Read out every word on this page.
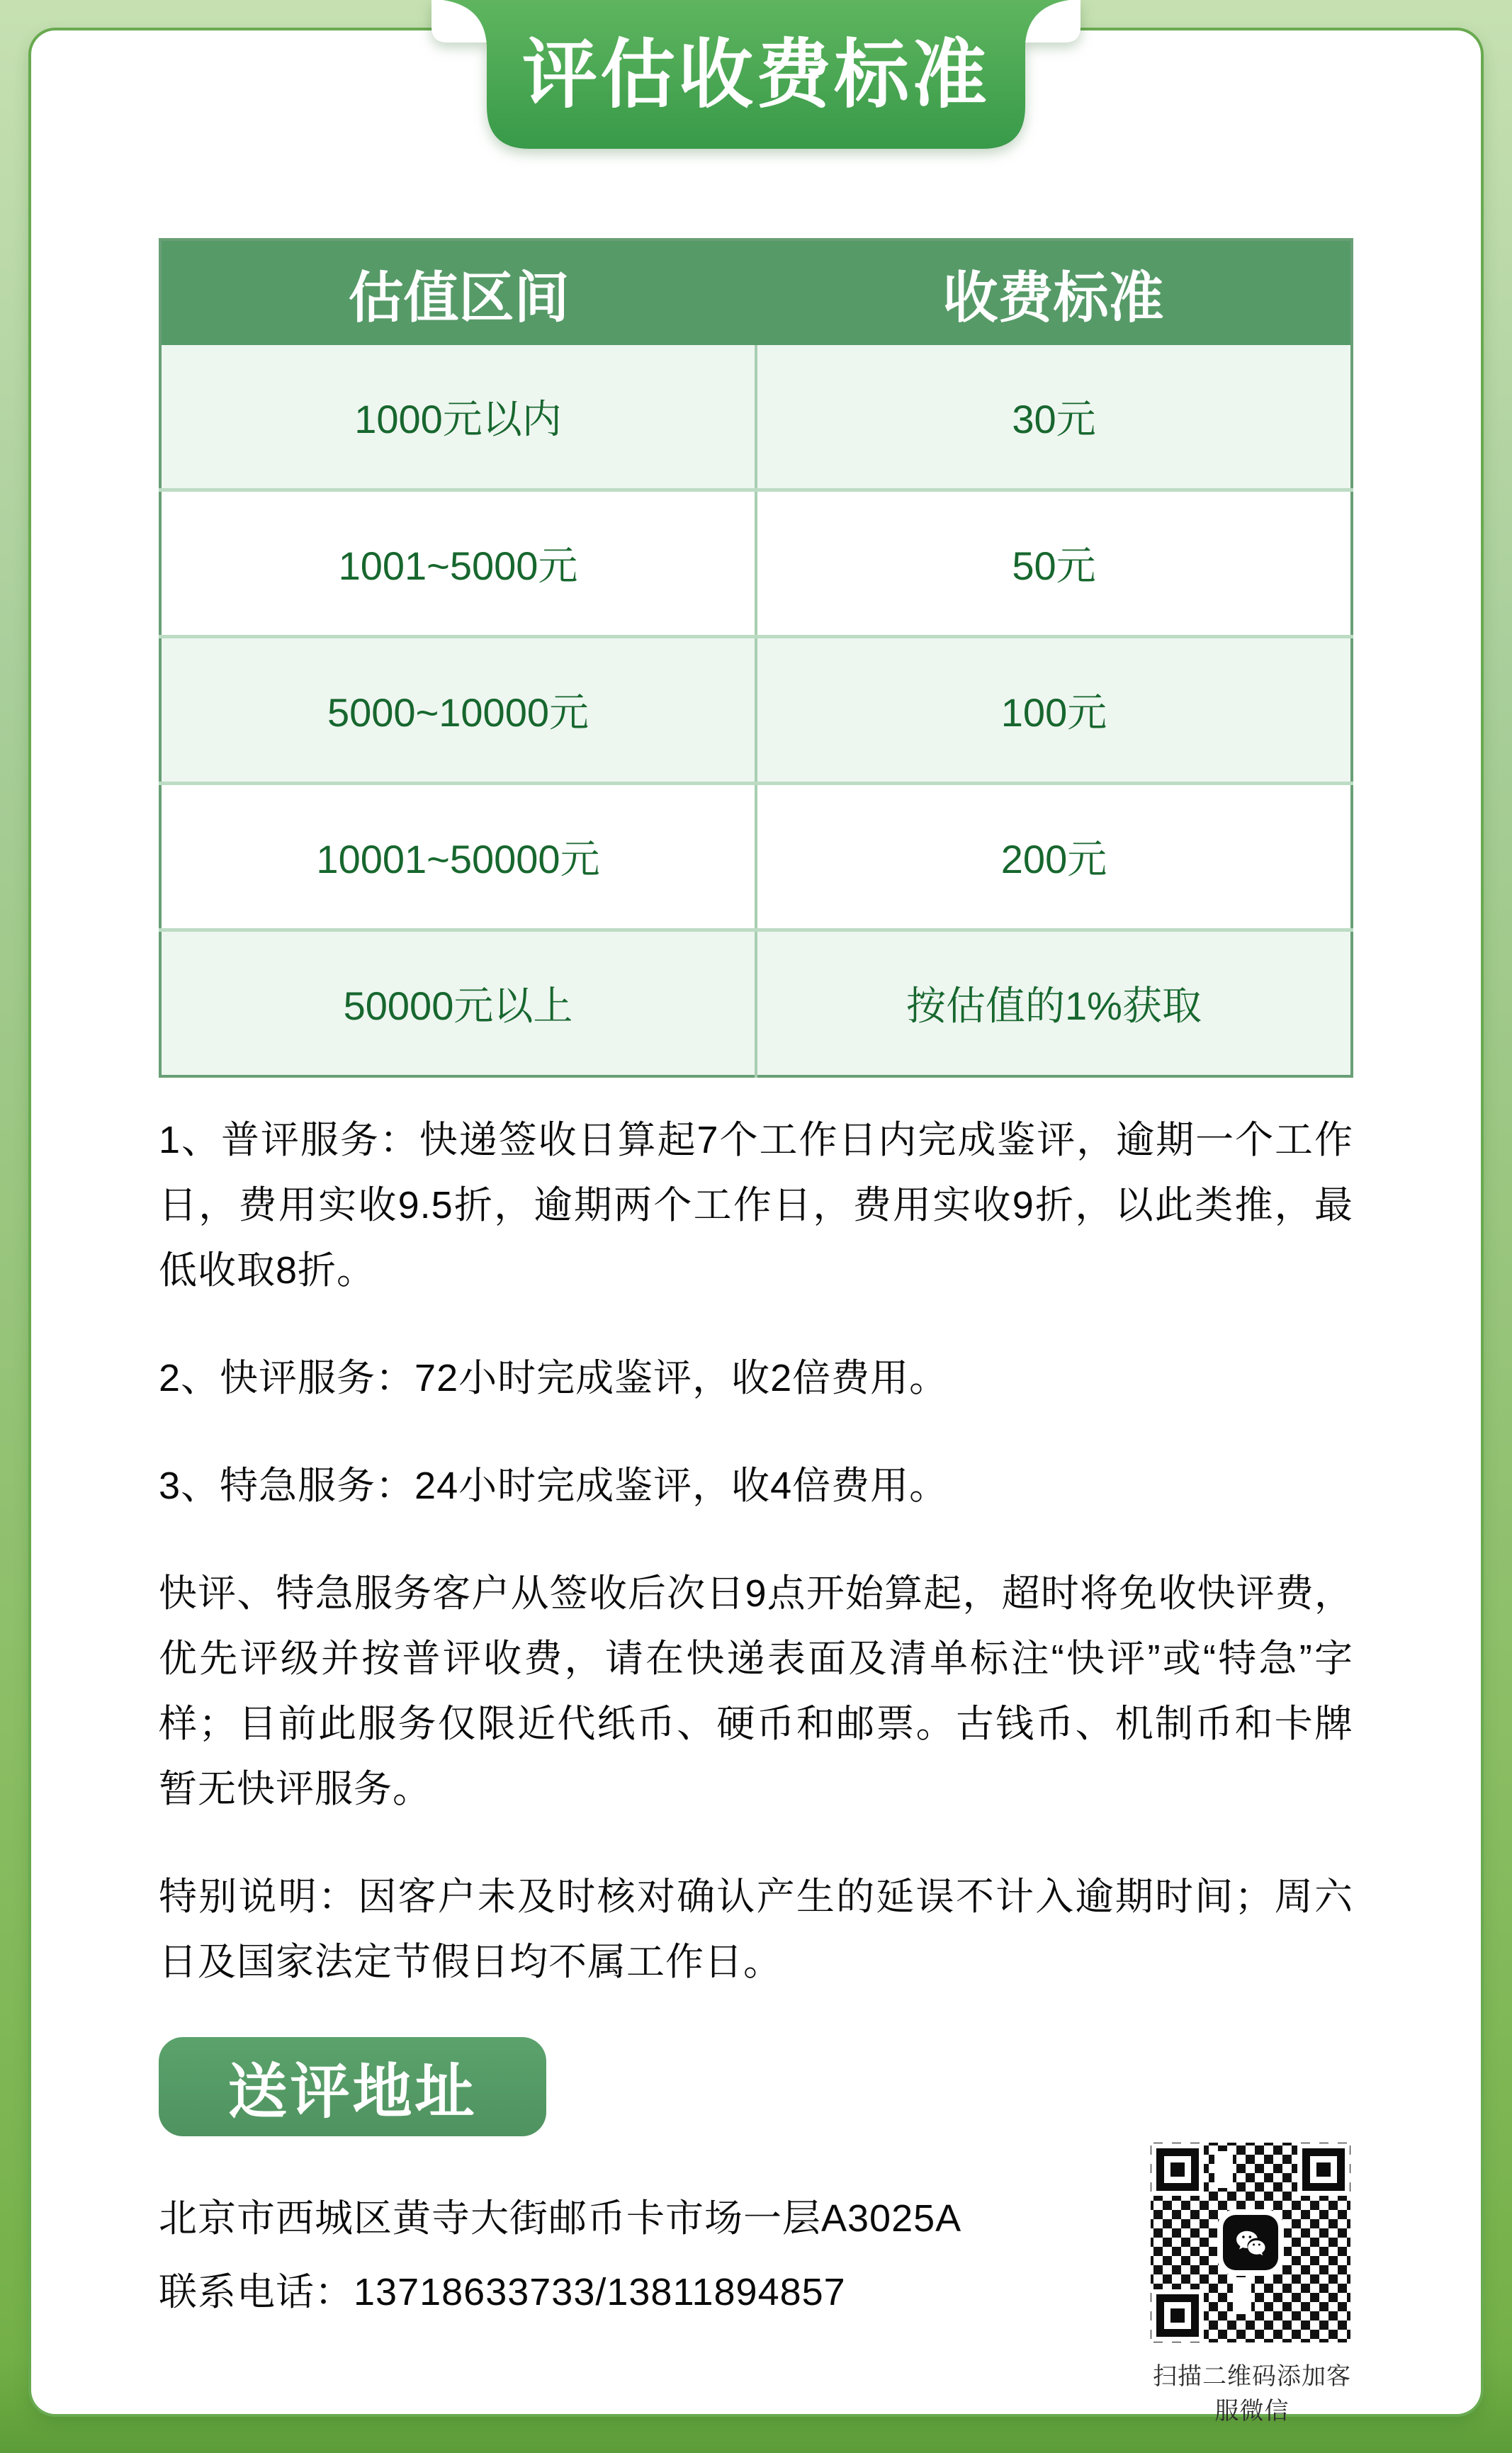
估值区间	收费标准
1000元以内	30元
1001~5000元	50元
5000~10000元	100元
10001~50000元	200元
50000元以上	按估值的1%获取

1、普评服务：快递签收日算起7个工作日内完成鉴评，逾期一个工作日，费用实收9.5折，逾期两个工作日，费用实收9折，以此类推，最低收取8折。

2、快评服务：72小时完成鉴评，收2倍费用。

3、特急服务：24小时完成鉴评，收4倍费用。

快评、特急服务客户从签收后次日9点开始算起，超时将免收快评费，优先评级并按普评收费，请在快递表面及清单标注“快评”或“特急”字样；目前此服务仅限近代纸币、硬币和邮票。古钱币、机制币和卡牌暂无快评服务。

特别说明：因客户未及时核对确认产生的延误不计入逾期时间；周六日及国家法定节假日均不属工作日。

送评地址
北京市西城区黄寺大街邮币卡市场一层A3025A
联系电话：13718633733/13811894857
扫描二维码添加客服微信
评估收费标准
